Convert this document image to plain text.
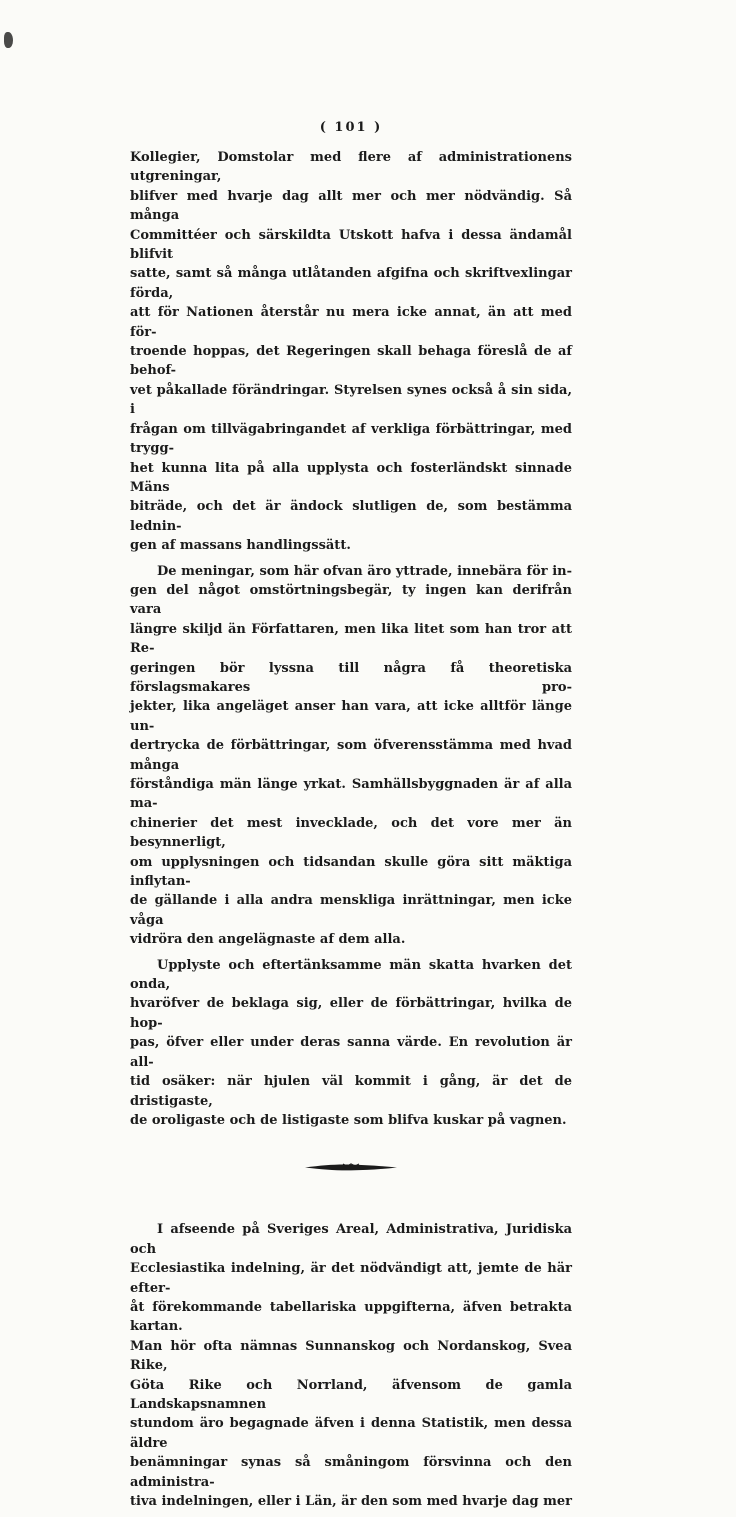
( 101 )
Kollegier, Domstolar med flere af administrationens utgreningar,
blifver med hvarje dag allt mer och mer nödvändig. Så många
Committéer och särskildta Utskott hafva i dessa ändamål blifvit
satte, samt så många utlåtanden afgifna och skriftvexlingar förda,
att för Nationen återstår nu mera icke annat, än att med för-
troende hoppas, det Regeringen skall behaga föreslå de af behof-
vet påkallade förändringar. Styrelsen synes också å sin sida, i
frågan om tillvägabringandet af verkliga förbättringar, med trygg-
het kunna lita på alla upplysta och fosterländskt sinnade Mäns
biträde, och det är ändock slutligen de, som bestämma lednin-
gen af massans handlingssätt.
De meningar, som här ofvan äro yttrade, innebära för in-
gen del något omstörtningsbegär, ty ingen kan derifrån vara
längre skiljd än Författaren, men lika litet som han tror att Re-
geringen bör lyssna till några få theoretiska förslagsmakares pro-
jekter, lika angeläget anser han vara, att icke alltför länge un-
dertrycka de förbättringar, som öfverensstämma med hvad många
förståndiga män länge yrkat. Samhällsbyggnaden är af alla ma-
chinerier det mest invecklade, och det vore mer än besynnerligt,
om upplysningen och tidsandan skulle göra sitt mäktiga inflytan-
de gällande i alla andra menskliga inrättningar, men icke våga
vidröra den angelägnaste af dem alla.
Upplyste och eftertänksamme män skatta hvarken det onda,
hvaröfver de beklaga sig, eller de förbättringar, hvilka de hop-
pas, öfver eller under deras sanna värde. En revolution är all-
tid osäker: när hjulen väl kommit i gång, är det de dristigaste,
de oroligaste och de listigaste som blifva kuskar på vagnen.
I afseende på Sveriges Areal, Administrativa, Juridiska och
Ecclesiastika indelning, är det nödvändigt att, jemte de här efter-
åt förekommande tabellariska uppgifterna, äfven betrakta kartan.
Man hör ofta nämnas Sunnanskog och Nordanskog, Svea Rike,
Göta Rike och Norrland, äfvensom de gamla Landskapsnamnen
stundom äro begagnade äfven i denna Statistik, men dessa äldre
benämningar synas så småningom försvinna och den administra-
tiva indelningen, eller i Län, är den som med hvarje dag mer
